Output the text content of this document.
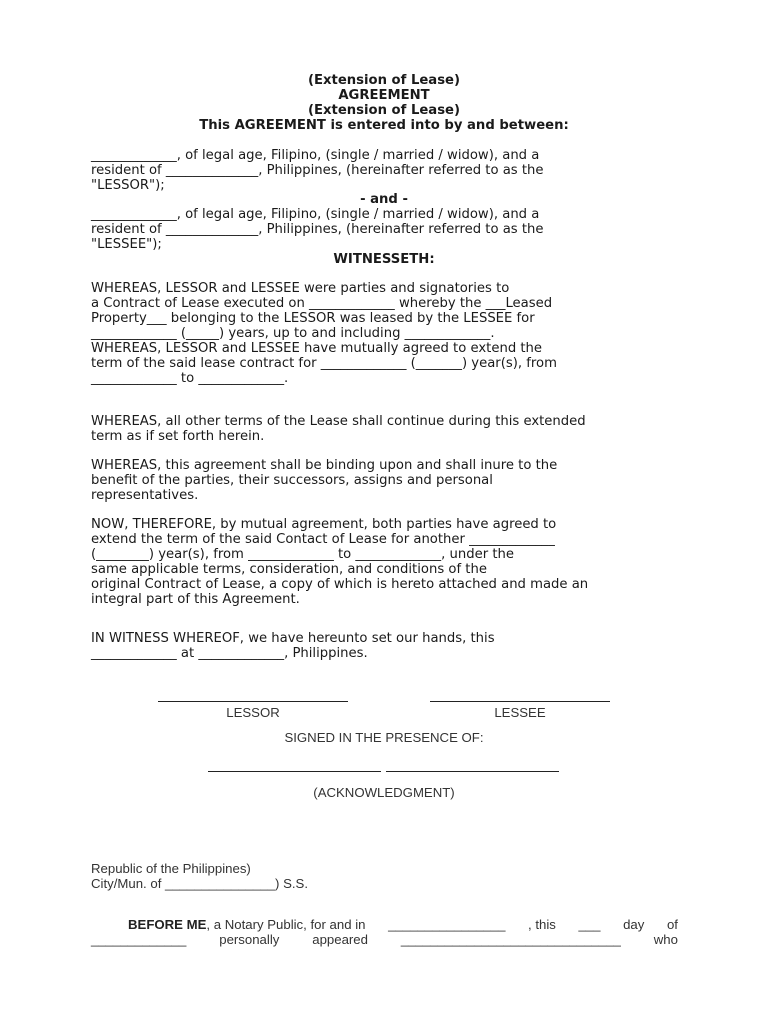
(Extension of Lease)
AGREEMENT
(Extension of Lease)
This AGREEMENT is entered into by and between:
_____________, of legal age, Filipino, (single / married / widow), and a
resident of ______________, Philippines, (hereinafter referred to as the
"LESSOR");
- and -
_____________, of legal age, Filipino, (single / married / widow), and a
resident of ______________, Philippines, (hereinafter referred to as the
"LESSEE");
WITNESSETH:
WHEREAS, LESSOR and LESSEE were parties and signatories to
a Contract of Lease executed on _____________ whereby the ___Leased
Property___ belonging to the LESSOR was leased by the LESSEE for
_____________ (_____) years, up to and including _____________.
WHEREAS, LESSOR and LESSEE have mutually agreed to extend the
term of the said lease contract for _____________ (_______) year(s), from
_____________ to _____________.
WHEREAS, all other terms of the Lease shall continue during this extended
term as if set forth herein.
WHEREAS, this agreement shall be binding upon and shall inure to the
benefit of the parties, their successors, assigns and personal
representatives.
NOW, THEREFORE, by mutual agreement, both parties have agreed to
extend the term of the said Contact of Lease for another _____________
(________) year(s), from _____________ to _____________, under the
same applicable terms, consideration, and conditions of the
original Contract of Lease, a copy of which is hereto attached and made an
integral part of this Agreement.
IN WITNESS WHEREOF, we have hereunto set our hands, this
_____________ at _____________, Philippines.
LESSOR	LESSEE
SIGNED IN THE PRESENCE OF:
(ACKNOWLEDGMENT)
Republic of the Philippines)
City/Mun. of _______________) S.S.
BEFORE ME, a Notary Public, for and in ________________ , this ___ day of
_____________ personally appeared ______________________________ who
